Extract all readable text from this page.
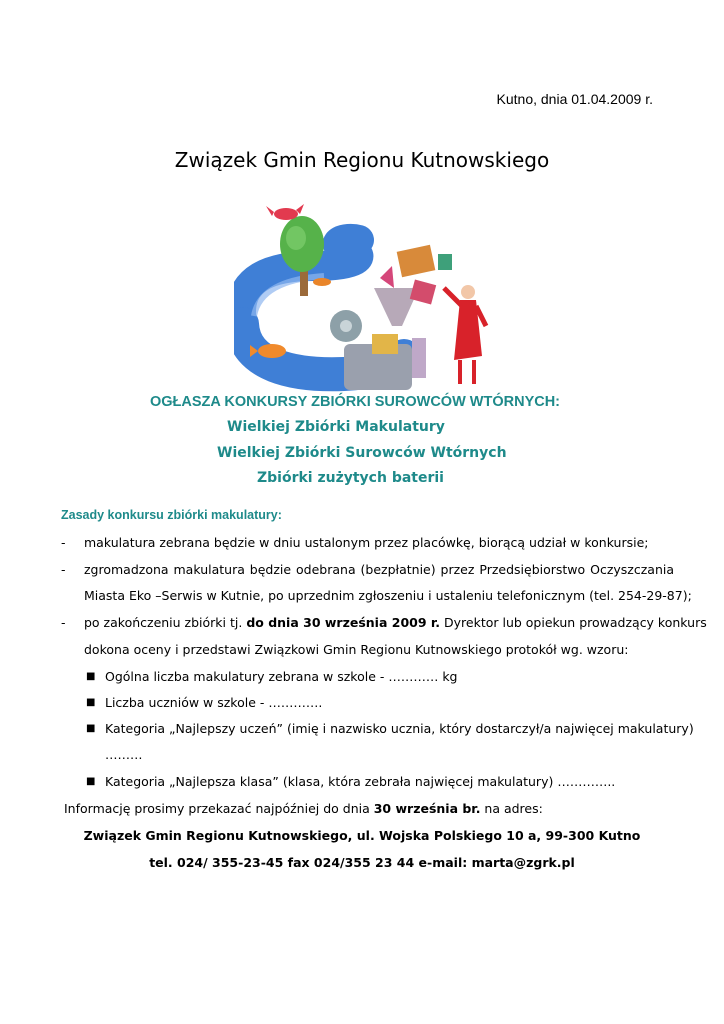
Kutno, dnia 01.04.2009 r.
Związek Gmin Regionu Kutnowskiego
OGŁASZA KONKURSY ZBIÓRKI SUROWCÓW WTÓRNYCH:
Wielkiej Zbiórki Makulatury
Wielkiej Zbiórki Surowców Wtórnych
Zbiórki zużytych baterii
Zasady konkursu zbiórki makulatury:
- makulatura zebrana będzie w dniu ustalonym przez placówkę, biorącą udział w konkursie;
- zgromadzona makulatura będzie odebrana (bezpłatnie) przez Przedsiębiorstwo Oczyszczania
Miasta Eko –Serwis w Kutnie, po uprzednim zgłoszeniu i ustaleniu telefonicznym (tel. 254-29-87);
- po zakończeniu zbiórki tj. do dnia 30 września 2009 r. Dyrektor lub opiekun prowadzący konkurs
dokona oceny i przedstawi Związkowi Gmin Regionu Kutnowskiego protokół wg. wzoru:
■ Ogólna liczba makulatury zebrana w szkole - ………… kg
■ Liczba uczniów w szkole - ………….
■ Kategoria „Najlepszy uczeń” (imię i nazwisko ucznia, który dostarczył/a najwięcej makulatury)
………
■ Kategoria „Najlepsza klasa” (klasa, która zebrała najwięcej makulatury) …………..
Informację prosimy przekazać najpóźniej do dnia 30 września br. na adres:
Związek Gmin Regionu Kutnowskiego, ul. Wojska Polskiego 10 a, 99-300 Kutno
tel. 024/ 355-23-45 fax 024/355 23 44 e-mail: marta@zgrk.pl
